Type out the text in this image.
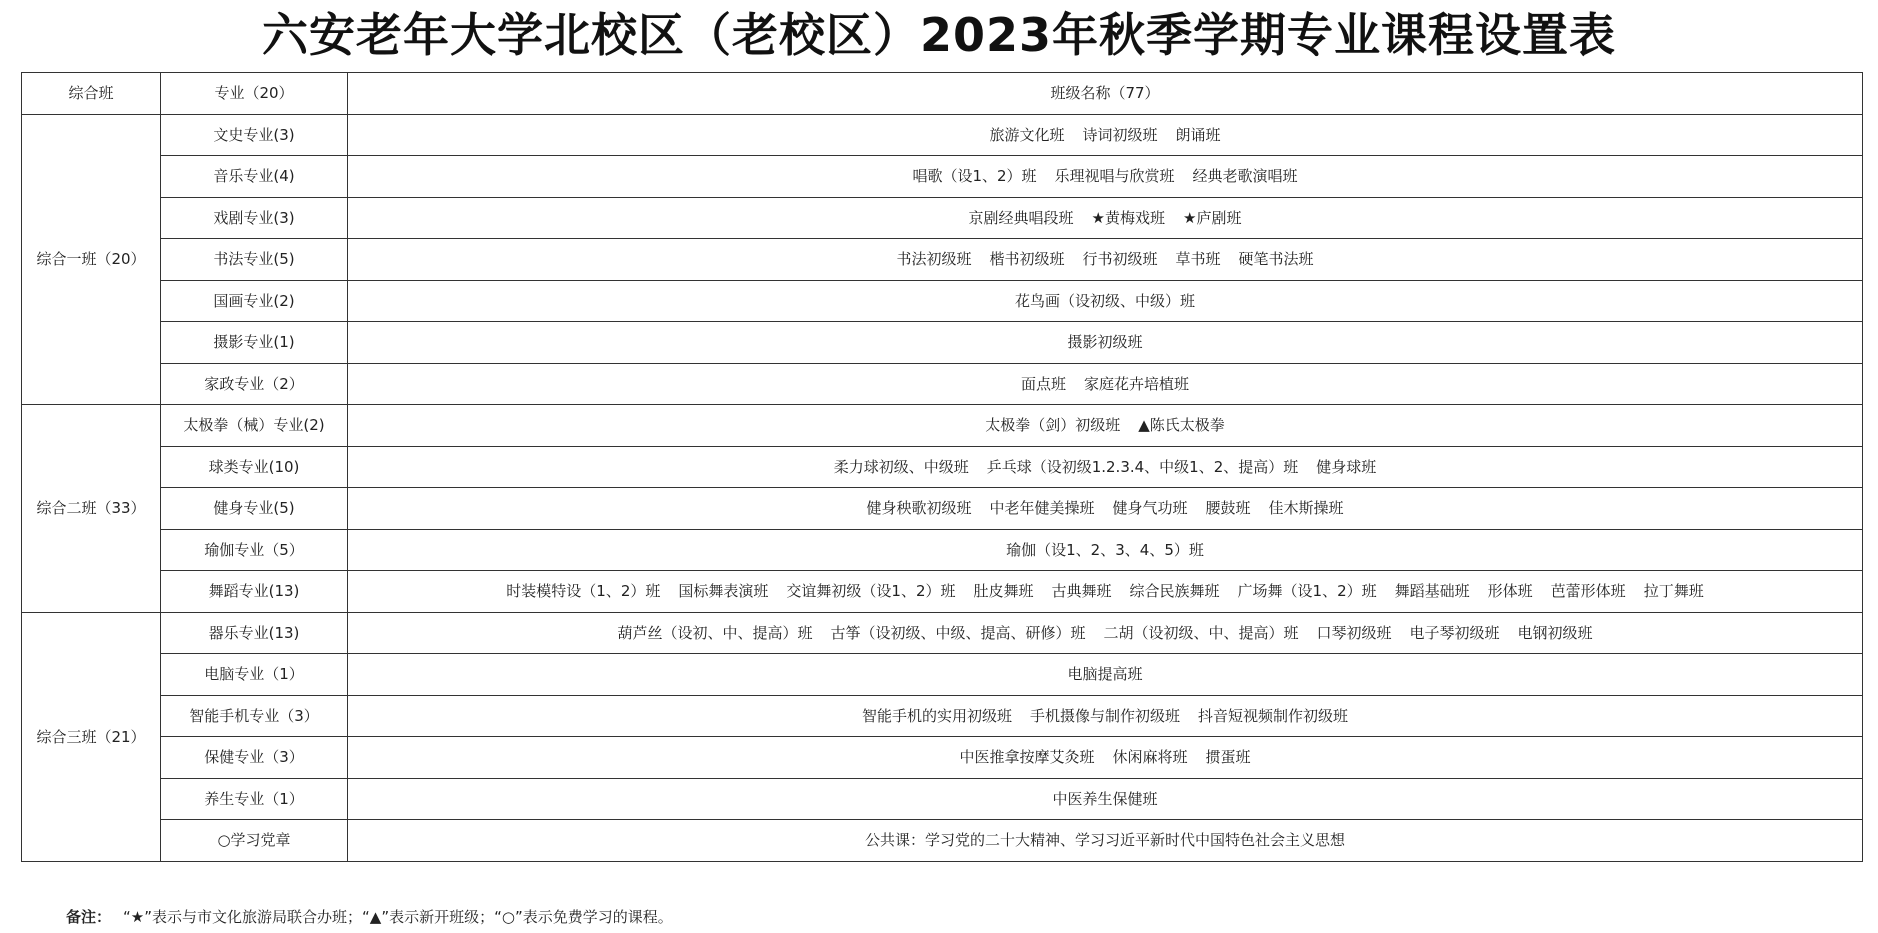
六安老年大学北校区（老校区）2023年秋季学期专业课程设置表
综合班	专业（20）	班级名称（77）
综合一班（20）	文史专业(3)	旅游文化班 诗词初级班 朗诵班
	音乐专业(4)	唱歌（设1、2）班 乐理视唱与欣赏班 经典老歌演唱班
	戏剧专业(3)	京剧经典唱段班 ★黄梅戏班 ★庐剧班
	书法专业(5)	书法初级班 楷书初级班 行书初级班 草书班 硬笔书法班
	国画专业(2)	花鸟画（设初级、中级）班
	摄影专业(1)	摄影初级班
	家政专业（2）	面点班 家庭花卉培植班
综合二班（33）	太极拳（械）专业(2)	太极拳（剑）初级班 ▲陈氏太极拳
	球类专业(10)	柔力球初级、中级班 乒乓球（设初级1.2.3.4、中级1、2、提高）班 健身球班
	健身专业(5)	健身秧歌初级班 中老年健美操班 健身气功班 腰鼓班 佳木斯操班
	瑜伽专业（5）	瑜伽（设1、2、3、4、5）班
	舞蹈专业(13)	时装模特设（1、2）班 国标舞表演班 交谊舞初级（设1、2）班 肚皮舞班 古典舞班 综合民族舞班 广场舞（设1、2）班 舞蹈基础班 形体班 芭蕾形体班 拉丁舞班
综合三班（21）	器乐专业(13)	葫芦丝（设初、中、提高）班 古筝（设初级、中级、提高、研修）班 二胡（设初级、中、提高）班 口琴初级班 电子琴初级班 电钢初级班
	电脑专业（1）	电脑提高班
	智能手机专业（3）	智能手机的实用初级班 手机摄像与制作初级班 抖音短视频制作初级班
	保健专业（3）	中医推拿按摩艾灸班 休闲麻将班 掼蛋班
	养生专业（1）	中医养生保健班
	○学习党章	公共课：学习党的二十大精神、学习习近平新时代中国特色社会主义思想
备注： “★”表示与市文化旅游局联合办班；“▲”表示新开班级；“○”表示免费学习的课程。
